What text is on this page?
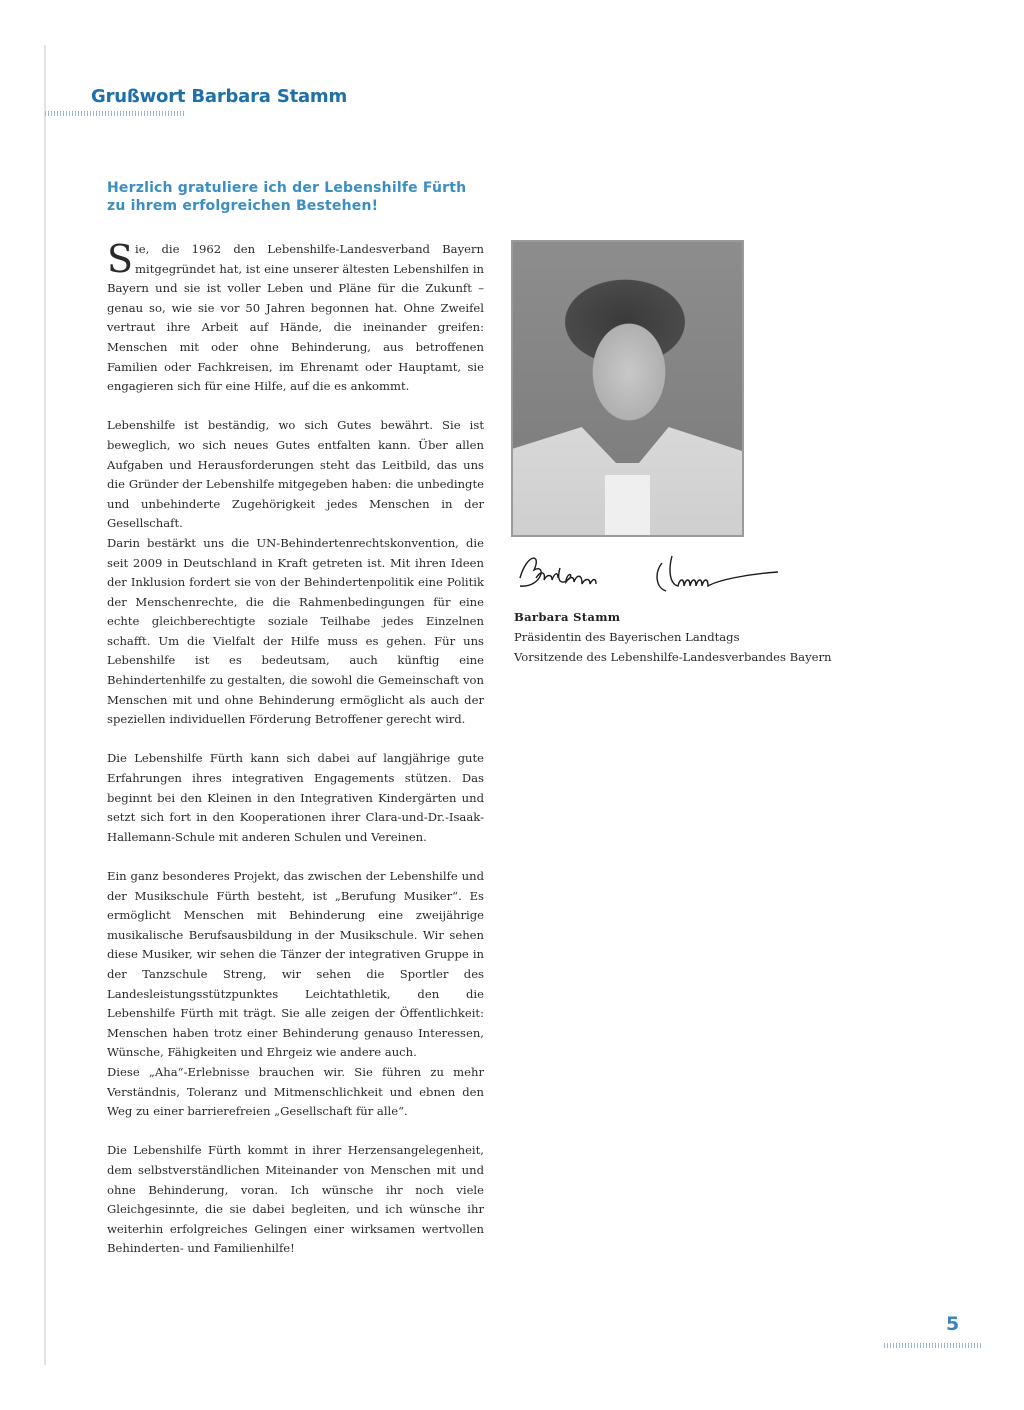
Grußwort Barbara Stamm
Herzlich gratuliere ich der Lebenshilfe Fürth zu ihrem erfolgreichen Bestehen!

Sie, die 1962 den Lebenshilfe-Landesverband Bayern mitgegründet hat, ist eine unserer ältesten Lebenshilfen in Bayern und sie ist voller Leben und Pläne für die Zukunft – genau so, wie sie vor 50 Jahren begonnen hat. Ohne Zweifel vertraut ihre Arbeit auf Hände, die ineinander greifen: Menschen mit oder ohne Behinderung, aus betroffenen Familien oder Fachkreisen, im Ehrenamt oder Hauptamt, sie engagieren sich für eine Hilfe, auf die es ankommt.

Lebenshilfe ist beständig, wo sich Gutes bewährt. Sie ist beweglich, wo sich neues Gutes entfalten kann. Über allen Aufgaben und Herausforderungen steht das Leitbild, das uns die Gründer der Lebenshilfe mitgegeben haben: die unbedingte und unbehinderte Zugehörigkeit jedes Menschen in der Gesellschaft.

Darin bestärkt uns die UN-Behindertenrechtskonvention, die seit 2009 in Deutschland in Kraft getreten ist. Mit ihren Ideen der Inklusion fordert sie von der Behindertenpolitik eine Politik der Menschenrechte, die die Rahmenbedingungen für eine echte gleichberechtigte soziale Teilhabe jedes Einzelnen schafft. Um die Vielfalt der Hilfe muss es gehen. Für uns Lebenshilfe ist es bedeutsam, auch künftig eine Behindertenhilfe zu gestalten, die sowohl die Gemeinschaft von Menschen mit und ohne Behinderung ermöglicht als auch der speziellen individuellen Förderung Betroffener gerecht wird.

Die Lebenshilfe Fürth kann sich dabei auf langjährige gute Erfahrungen ihres integrativen Engagements stützen. Das beginnt bei den Kleinen in den Integrativen Kindergärten und setzt sich fort in den Kooperationen ihrer Clara-und-Dr.-Isaak-Hallemann-Schule mit anderen Schulen und Vereinen.

Ein ganz besonderes Projekt, das zwischen der Lebenshilfe und der Musikschule Fürth besteht, ist „Berufung Musiker“. Es ermöglicht Menschen mit Behinderung eine zweijährige musikalische Berufsausbildung in der Musikschule. Wir sehen diese Musiker, wir sehen die Tänzer der integrativen Gruppe in der Tanzschule Streng, wir sehen die Sportler des Landesleistungsstützpunktes Leichtathletik, den die Lebenshilfe Fürth mit trägt. Sie alle zeigen der Öffentlichkeit: Menschen haben trotz einer Behinderung genauso Interessen, Wünsche, Fähigkeiten und Ehrgeiz wie andere auch.

Diese „Aha“-Erlebnisse brauchen wir. Sie führen zu mehr Verständnis, Toleranz und Mitmenschlichkeit und ebnen den Weg zu einer barrierefreien „Gesellschaft für alle“.

Die Lebenshilfe Fürth kommt in ihrer Herzensangelegenheit, dem selbstverständlichen Miteinander von Menschen mit und ohne Behinderung, voran. Ich wünsche ihr noch viele Gleichgesinnte, die sie dabei begleiten, und ich wünsche ihr weiterhin erfolgreiches Gelingen einer wirksamen wertvollen Behinderten- und Familienhilfe!

Barbara Stamm
Präsidentin des Bayerischen Landtags
Vorsitzende des Lebenshilfe-Landesverbandes Bayern
5
